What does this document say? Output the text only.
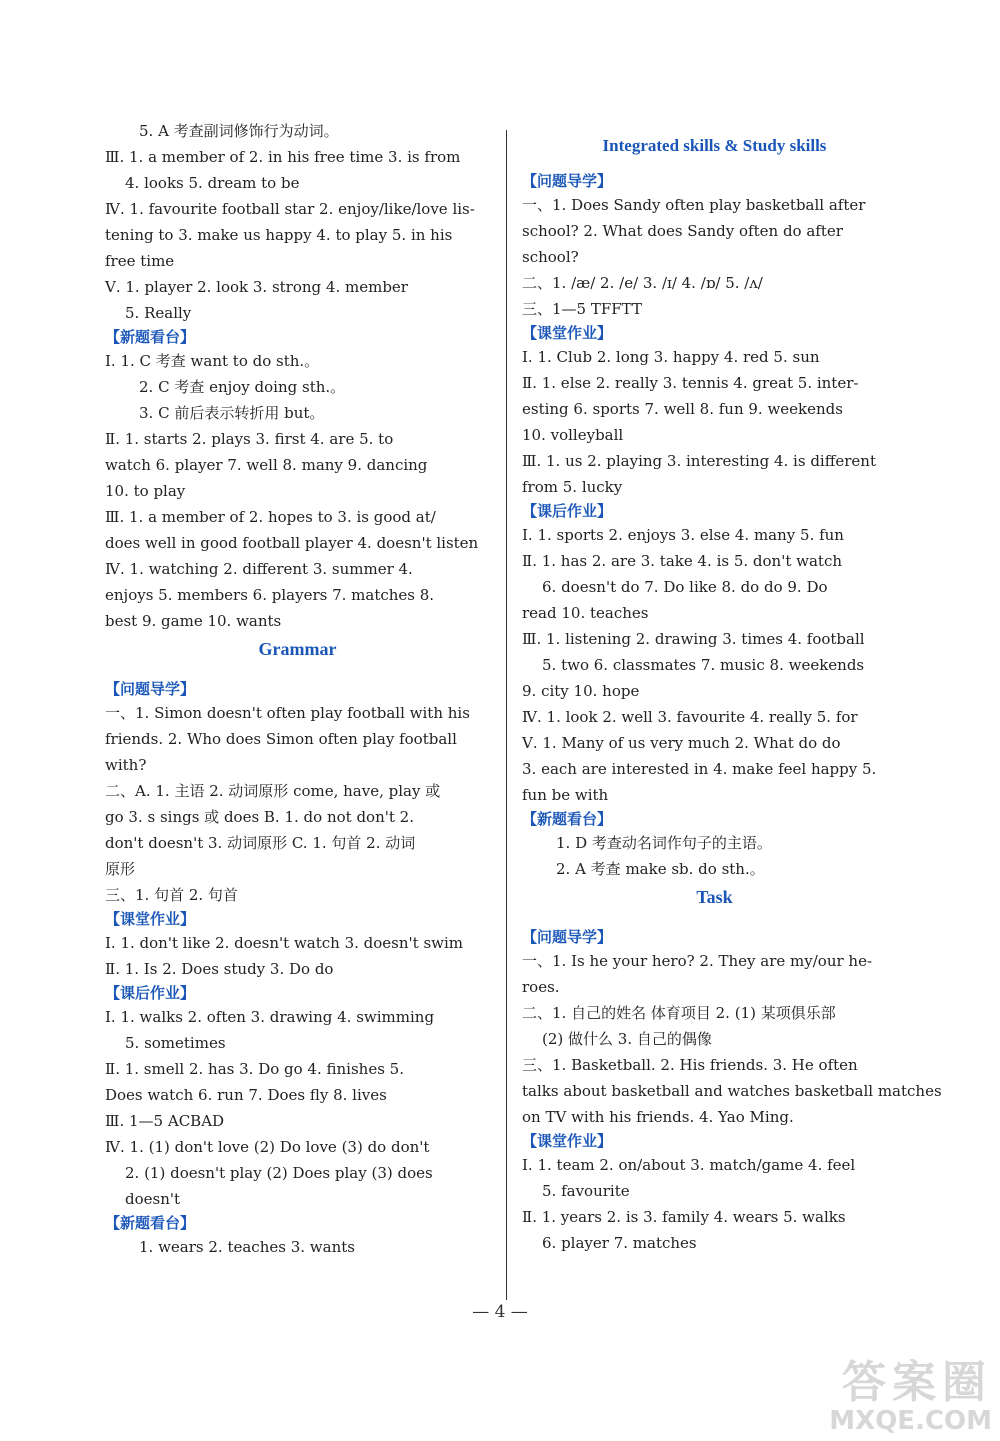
5. A 考查副词修饰行为动词。
Ⅲ. 1. a member of 2. in his free time 3. is from
4. looks 5. dream to be
Ⅳ. 1. favourite football star 2. enjoy/like/love lis-
tening to 3. make us happy 4. to play 5. in his
free time
Ⅴ. 1. player 2. look 3. strong 4. member
5. Really
【新题看台】
Ⅰ. 1. C 考查 want to do sth.。
2. C 考查 enjoy doing sth.。
3. C 前后表示转折用 but。
Ⅱ. 1. starts 2. plays 3. first 4. are 5. to
watch 6. player 7. well 8. many 9. dancing
10. to play
Ⅲ. 1. a member of 2. hopes to 3. is good at/
does well in good football player 4. doesn't listen
Ⅳ. 1. watching 2. different 3. summer 4.
enjoys 5. members 6. players 7. matches 8.
best 9. game 10. wants
Grammar
【问题导学】
一、1. Simon doesn't often play football with his
friends. 2. Who does Simon often play football
with?
二、A. 1. 主语 2. 动词原形 come, have, play 或
go 3. s sings 或 does B. 1. do not don't 2.
don't doesn't 3. 动词原形 C. 1. 句首 2. 动词
原形
三、1. 句首 2. 句首
【课堂作业】
Ⅰ. 1. don't like 2. doesn't watch 3. doesn't swim
Ⅱ. 1. Is 2. Does study 3. Do do
【课后作业】
Ⅰ. 1. walks 2. often 3. drawing 4. swimming
5. sometimes
Ⅱ. 1. smell 2. has 3. Do go 4. finishes 5.
Does watch 6. run 7. Does fly 8. lives
Ⅲ. 1—5 ACBAD
Ⅳ. 1. (1) don't love (2) Do love (3) do don't
2. (1) doesn't play (2) Does play (3) does
doesn't
【新题看台】
1. wears 2. teaches 3. wants
Integrated skills & Study skills
【问题导学】
一、1. Does Sandy often play basketball after
school? 2. What does Sandy often do after
school?
二、1. /æ/ 2. /e/ 3. /ɪ/ 4. /ɒ/ 5. /ʌ/
三、1—5 TFFTT
【课堂作业】
Ⅰ. 1. Club 2. long 3. happy 4. red 5. sun
Ⅱ. 1. else 2. really 3. tennis 4. great 5. inter-
esting 6. sports 7. well 8. fun 9. weekends
10. volleyball
Ⅲ. 1. us 2. playing 3. interesting 4. is different
from 5. lucky
【课后作业】
Ⅰ. 1. sports 2. enjoys 3. else 4. many 5. fun
Ⅱ. 1. has 2. are 3. take 4. is 5. don't watch
6. doesn't do 7. Do like 8. do do 9. Do
read 10. teaches
Ⅲ. 1. listening 2. drawing 3. times 4. football
5. two 6. classmates 7. music 8. weekends
9. city 10. hope
Ⅳ. 1. look 2. well 3. favourite 4. really 5. for
Ⅴ. 1. Many of us very much 2. What do do
3. each are interested in 4. make feel happy 5.
fun be with
【新题看台】
1. D 考查动名词作句子的主语。
2. A 考查 make sb. do sth.。
Task
【问题导学】
一、1. Is he your hero? 2. They are my/our he-
roes.
二、1. 自己的姓名 体育项目 2. (1) 某项俱乐部
(2) 做什么 3. 自己的偶像
三、1. Basketball. 2. His friends. 3. He often
talks about basketball and watches basketball matches
on TV with his friends. 4. Yao Ming.
【课堂作业】
Ⅰ. 1. team 2. on/about 3. match/game 4. feel
5. favourite
Ⅱ. 1. years 2. is 3. family 4. wears 5. walks
6. player 7. matches
— 4 —
答案圈
MXQE.COM
